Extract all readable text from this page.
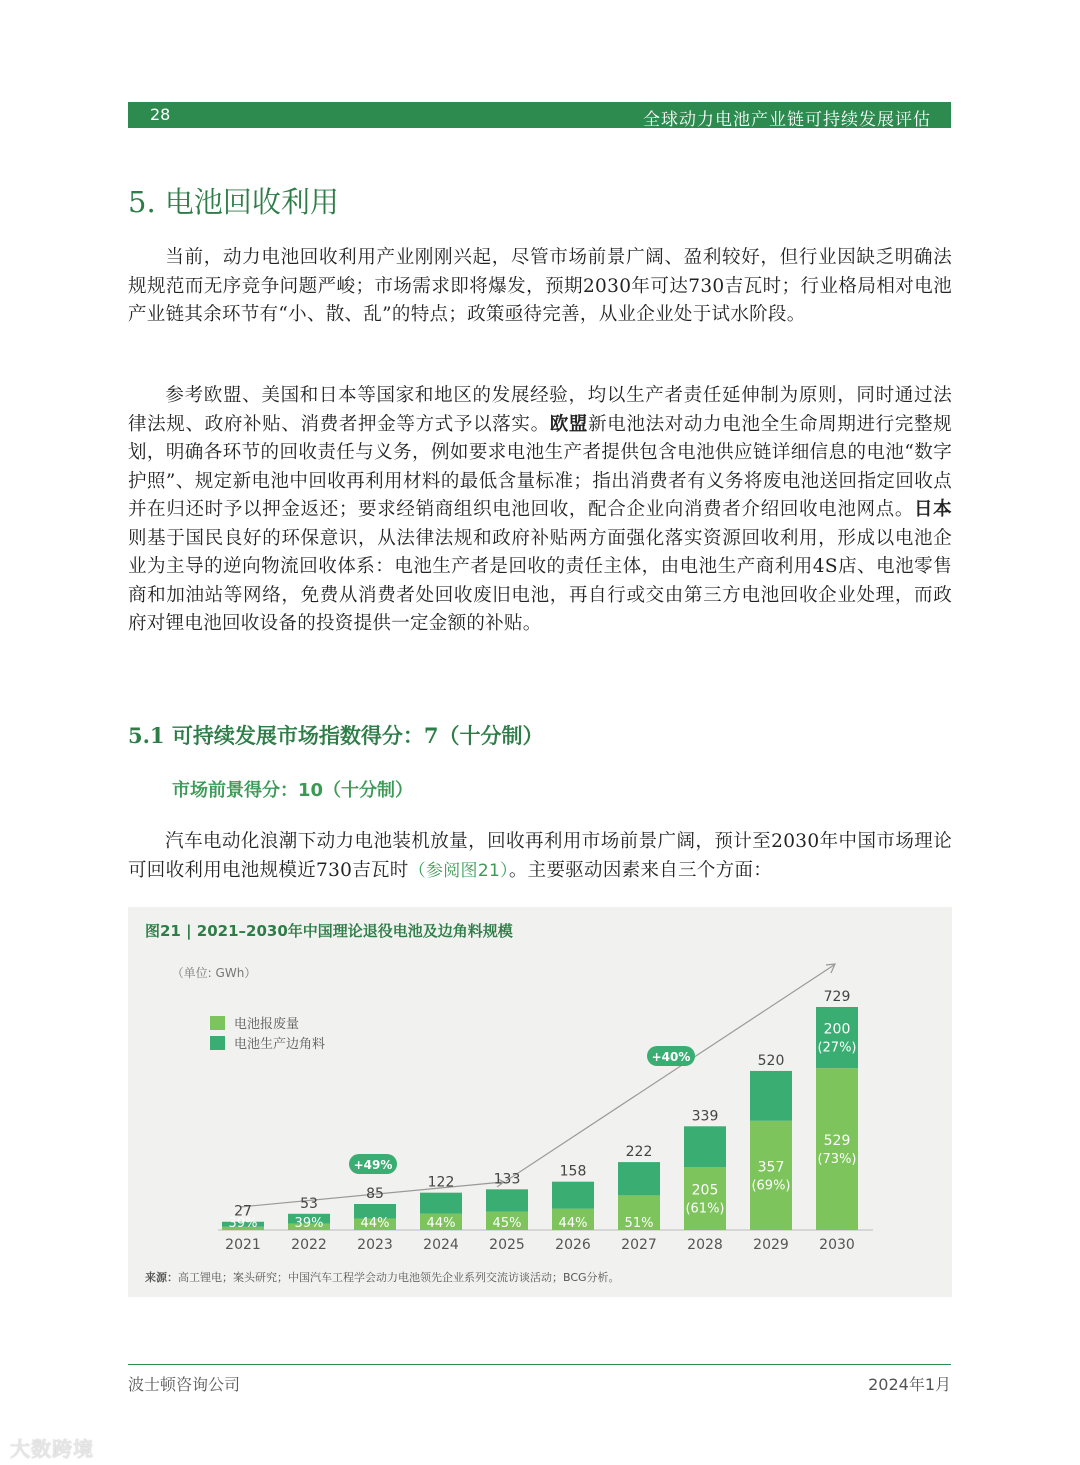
28	全球动力电池产业链可持续发展评估
5. 电池回收利用
当前，动力电池回收利用产业刚刚兴起，尽管市场前景广阔、盈利较好，但行业因缺乏明确法规规范而无序竞争问题严峻；市场需求即将爆发，预期2030年可达730吉瓦时；行业格局相对电池产业链其余环节有“小、散、乱”的特点；政策亟待完善，从业企业处于试水阶段。
参考欧盟、美国和日本等国家和地区的发展经验，均以生产者责任延伸制为原则，同时通过法律法规、政府补贴、消费者押金等方式予以落实。欧盟新电池法对动力电池全生命周期进行完整规划，明确各环节的回收责任与义务，例如要求电池生产者提供包含电池供应链详细信息的电池“数字护照”、规定新电池中回收再利用材料的最低含量标准；指出消费者有义务将废电池送回指定回收点并在归还时予以押金返还；要求经销商组织电池回收，配合企业向消费者介绍回收电池网点。日本则基于国民良好的环保意识，从法律法规和政府补贴两方面强化落实资源回收利用，形成以电池企业为主导的逆向物流回收体系：电池生产者是回收的责任主体，由电池生产商利用4S店、电池零售商和加油站等网络，免费从消费者处回收废旧电池，再自行或交由第三方电池回收企业处理，而政府对锂电池回收设备的投资提供一定金额的补贴。
5.1 可持续发展市场指数得分：7（十分制）
市场前景得分：10（十分制）
汽车电动化浪潮下动力电池装机放量，回收再利用市场前景广阔，预计至2030年中国市场理论可回收利用电池规模近730吉瓦时（参阅图21）。主要驱动因素来自三个方面：
图21 | 2021–2030年中国理论退役电池及边角料规模
（单位: GWh）
电池报废量
电池生产边角料
+49%
+40%
27
2021
39%
53
2022
39%
85
2023
44%
122
2024
44%
133
2025
45%
158
2026
44%
222
2027
51%
339
2028
205
(61%)
520
2029
357
(69%)
729
2030
529
(73%)
200
(27%)
来源：高工锂电；案头研究；中国汽车工程学会动力电池领先企业系列交流访谈活动；BCG分析。
波士顿咨询公司	2024年1月
大数跨境
